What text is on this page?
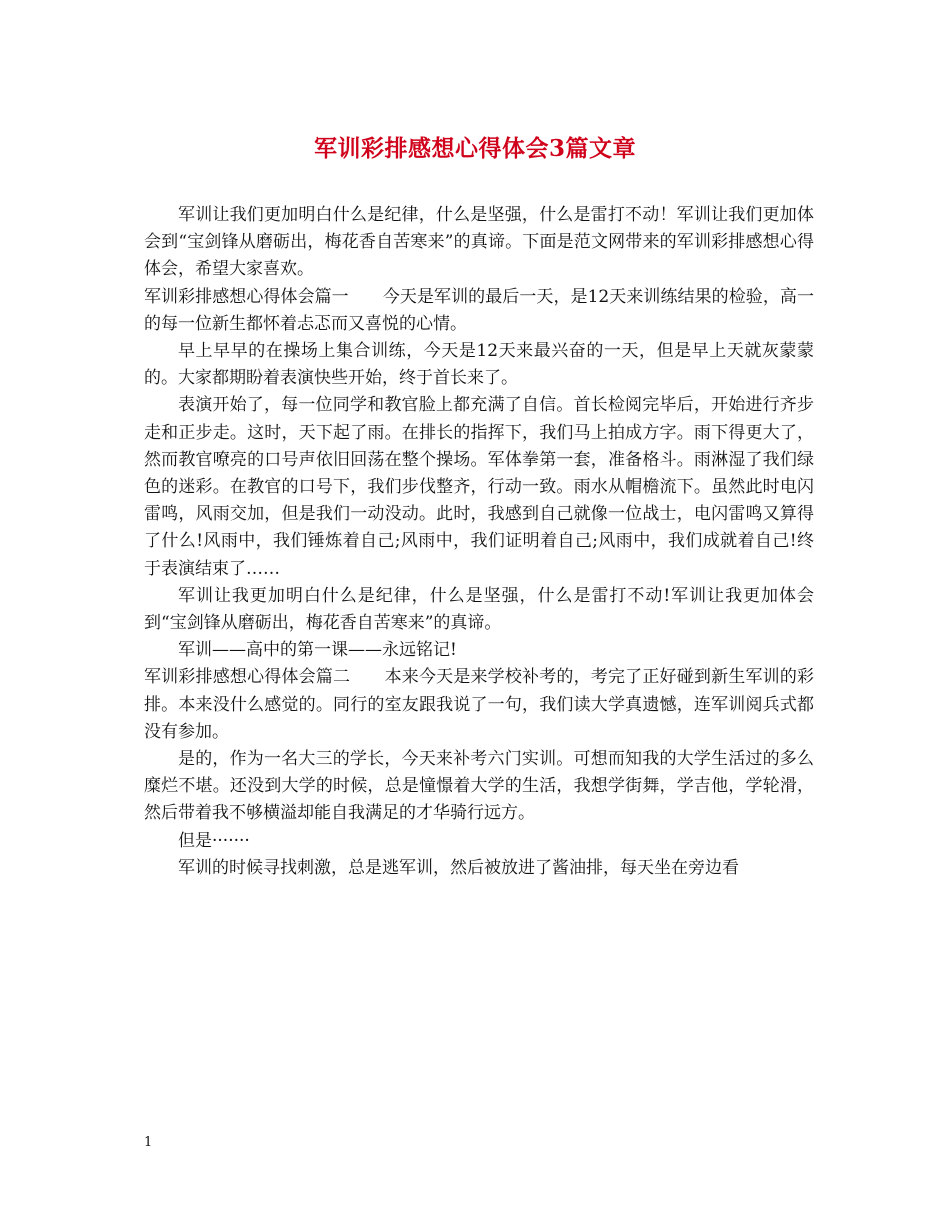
军训彩排感想心得体会3篇文章

军训让我们更加明白什么是纪律，什么是坚强，什么是雷打不动！军训让我们更加体会到“宝剑锋从磨砺出，梅花香自苦寒来”的真谛。下面是范文网带来的军训彩排感想心得体会，希望大家喜欢。

军训彩排感想心得体会篇一　　今天是军训的最后一天，是12天来训练结果的检验，高一的每一位新生都怀着忐忑而又喜悦的心情。

早上早早的在操场上集合训练，今天是12天来最兴奋的一天，但是早上天就灰蒙蒙的。大家都期盼着表演快些开始，终于首长来了。

表演开始了，每一位同学和教官脸上都充满了自信。首长检阅完毕后，开始进行齐步走和正步走。这时，天下起了雨。在排长的指挥下，我们马上拍成方字。雨下得更大了，然而教官嘹亮的口号声依旧回荡在整个操场。军体拳第一套，准备格斗。雨淋湿了我们绿色的迷彩。在教官的口号下，我们步伐整齐，行动一致。雨水从帽檐流下。虽然此时电闪雷鸣，风雨交加，但是我们一动没动。此时，我感到自己就像一位战士，电闪雷鸣又算得了什么!风雨中，我们锤炼着自己;风雨中，我们证明着自己;风雨中，我们成就着自己!终于表演结束了……

军训让我更加明白什么是纪律，什么是坚强，什么是雷打不动!军训让我更加体会到“宝剑锋从磨砺出，梅花香自苦寒来”的真谛。

军训——高中的第一课——永远铭记!

军训彩排感想心得体会篇二　　本来今天是来学校补考的，考完了正好碰到新生军训的彩排。本来没什么感觉的。同行的室友跟我说了一句，我们读大学真遗憾，连军训阅兵式都没有参加。

是的，作为一名大三的学长，今天来补考六门实训。可想而知我的大学生活过的多么糜烂不堪。还没到大学的时候，总是憧憬着大学的生活，我想学街舞，学吉他，学轮滑，然后带着我不够横溢却能自我满足的才华骑行远方。

但是·······

军训的时候寻找刺激，总是逃军训，然后被放进了酱油排，每天坐在旁边看

1
